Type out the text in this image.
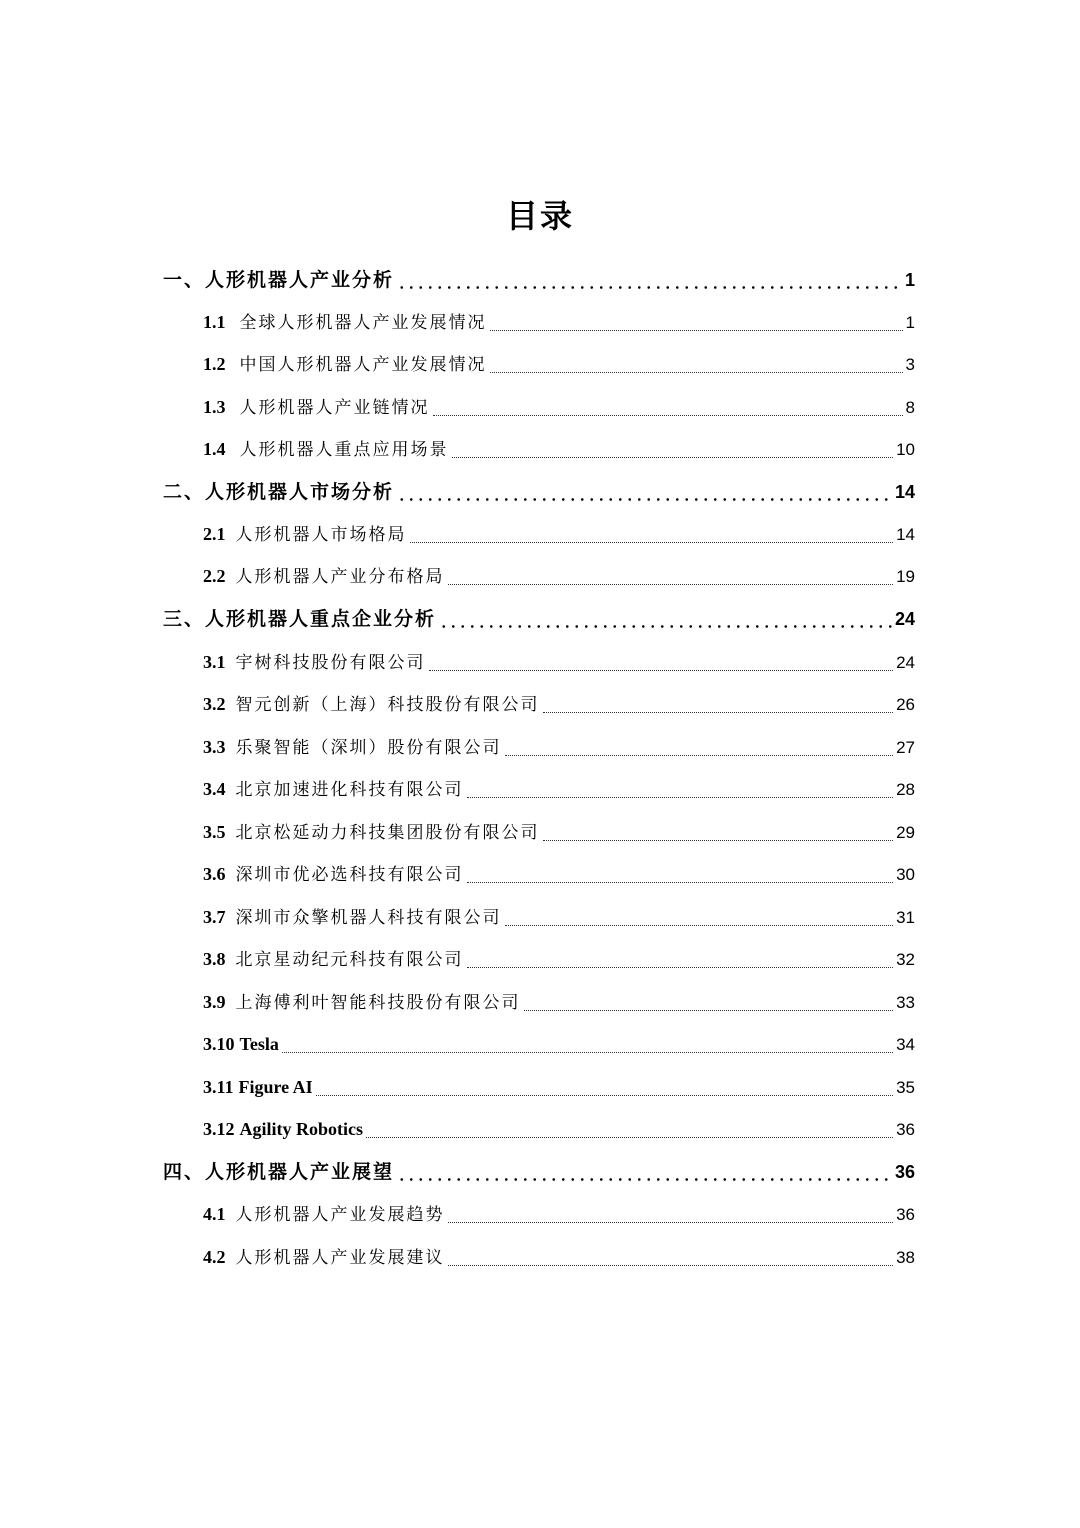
目录
一、人形机器人产业分析	1
1.1 全球人形机器人产业发展情况	1
1.2 中国人形机器人产业发展情况	3
1.3 人形机器人产业链情况	8
1.4 人形机器人重点应用场景	10
二、人形机器人市场分析	14
2.1 人形机器人市场格局	14
2.2 人形机器人产业分布格局	19
三、人形机器人重点企业分析	24
3.1 宇树科技股份有限公司	24
3.2 智元创新（上海）科技股份有限公司	26
3.3 乐聚智能（深圳）股份有限公司	27
3.4 北京加速进化科技有限公司	28
3.5 北京松延动力科技集团股份有限公司	29
3.6 深圳市优必选科技有限公司	30
3.7 深圳市众擎机器人科技有限公司	31
3.8 北京星动纪元科技有限公司	32
3.9 上海傅利叶智能科技股份有限公司	33
3.10 Tesla	34
3.11 Figure AI	35
3.12 Agility Robotics	36
四、人形机器人产业展望	36
4.1 人形机器人产业发展趋势	36
4.2 人形机器人产业发展建议	38
